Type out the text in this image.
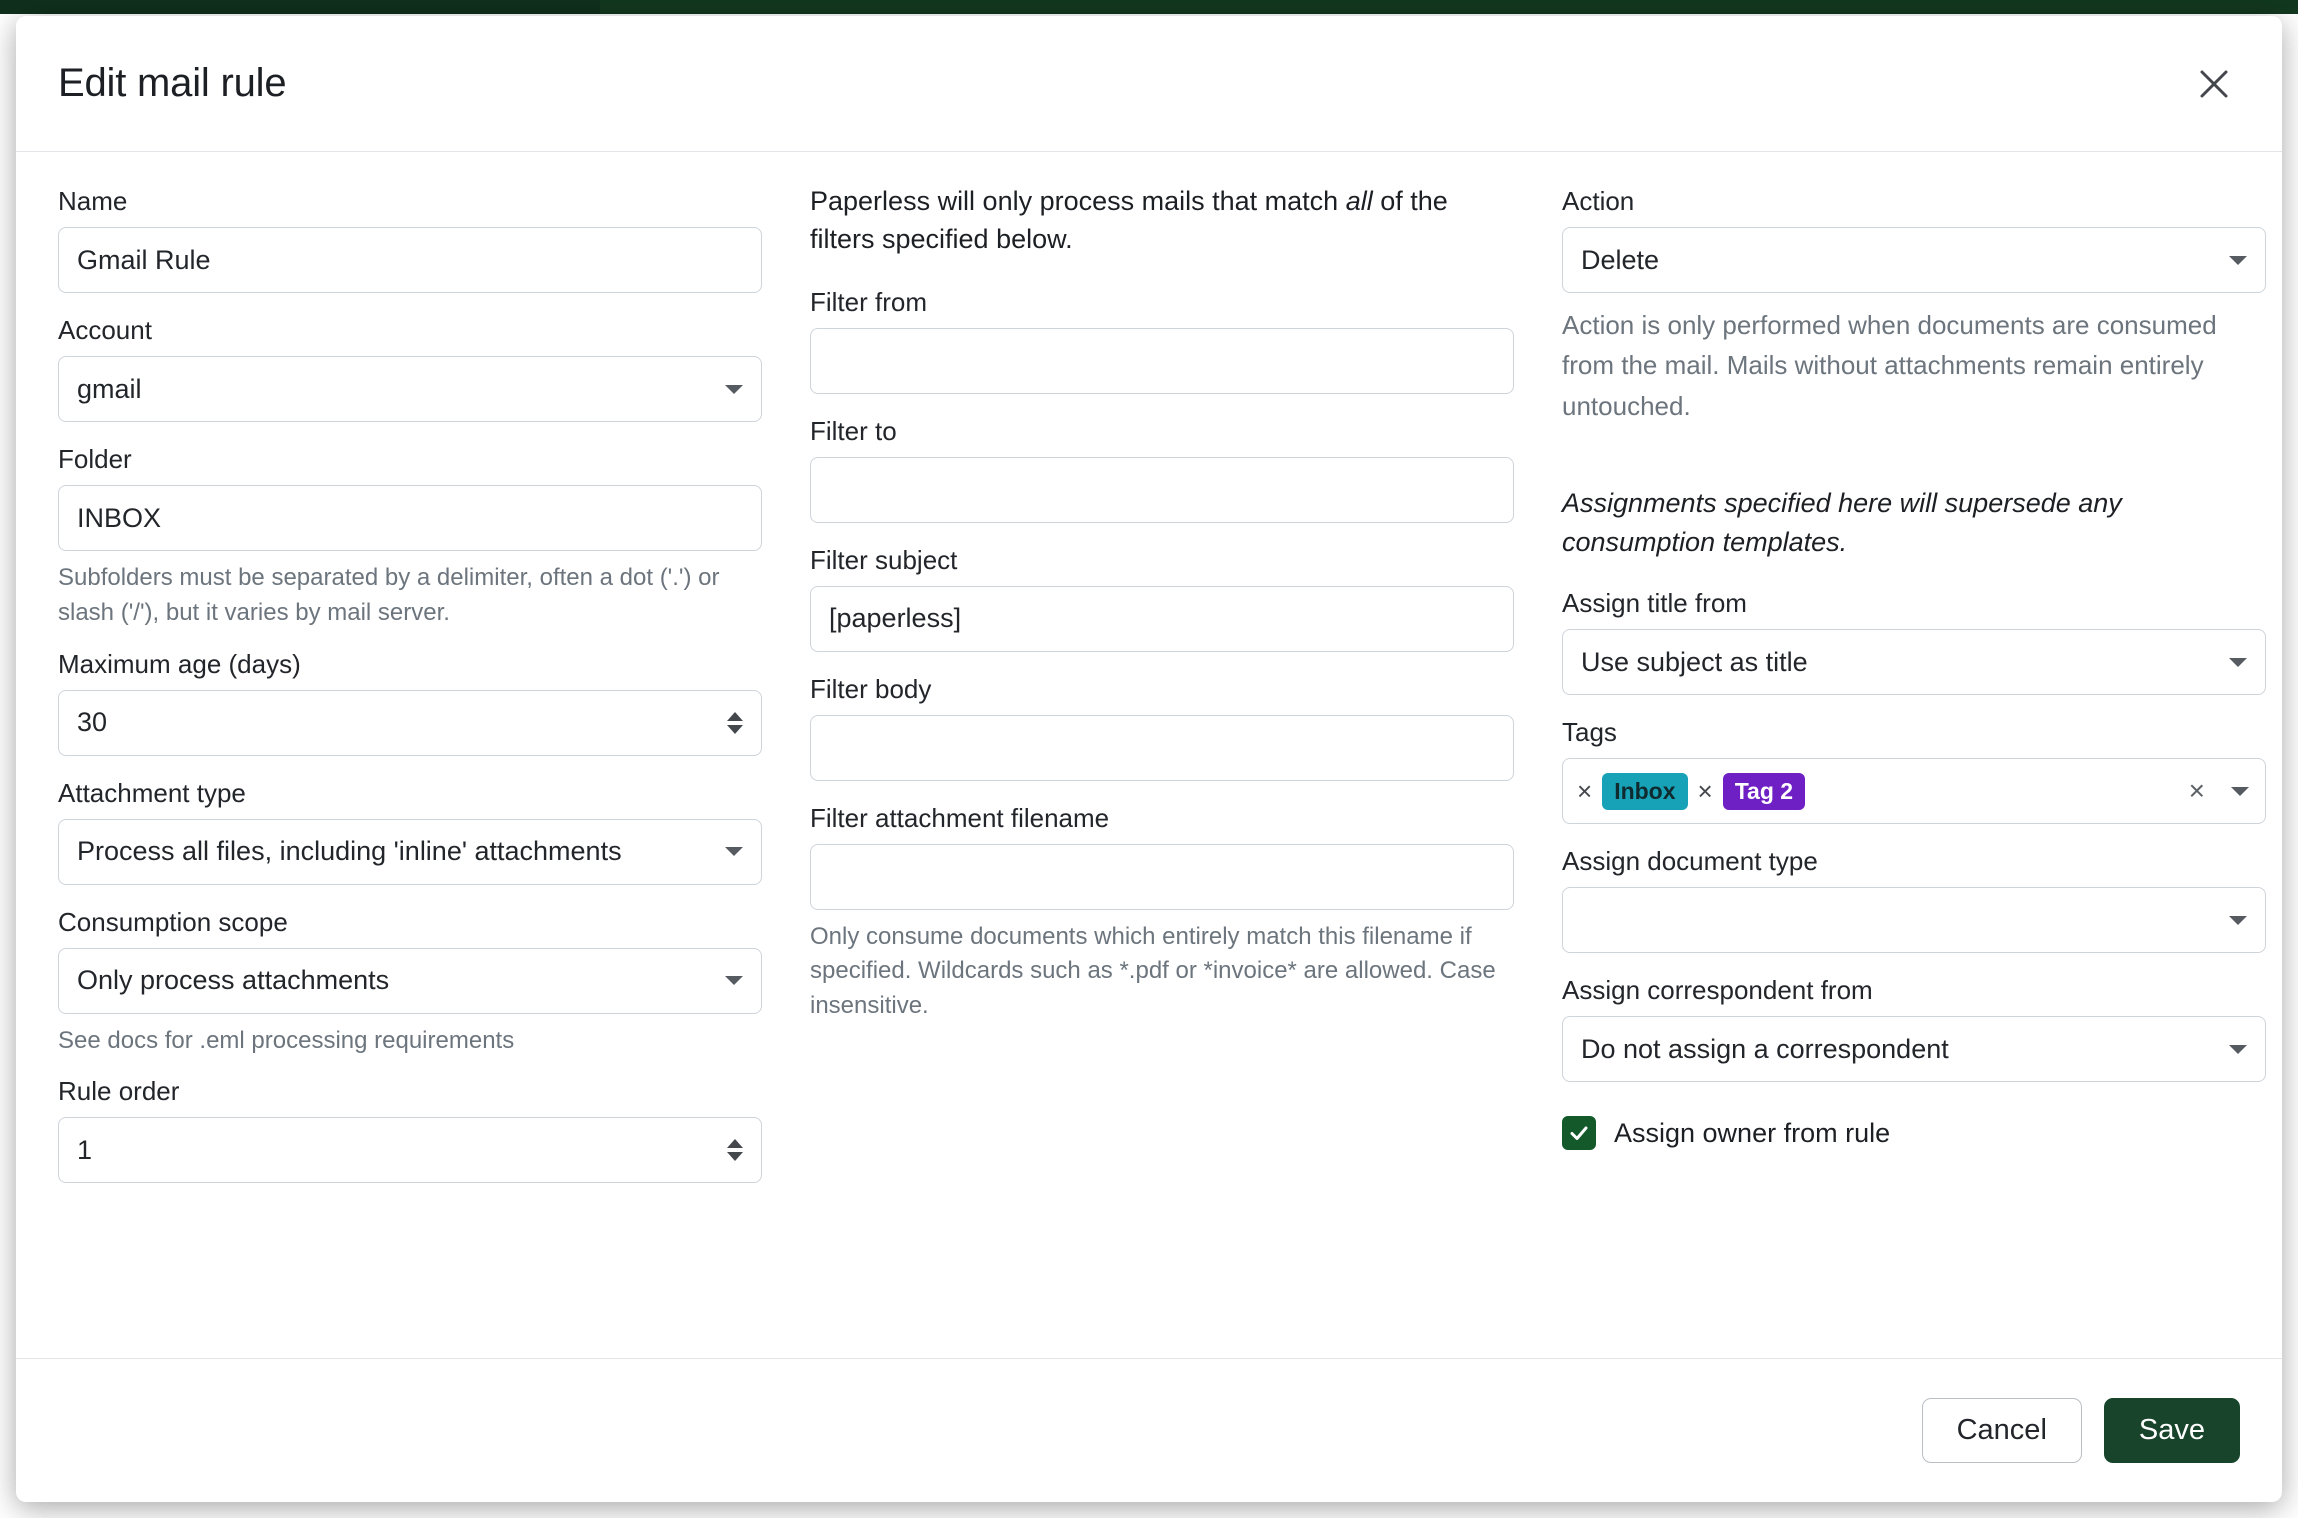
Edit mail rule
Name
Gmail Rule
Account
gmail
Folder
INBOX
Subfolders must be separated by a delimiter, often a dot ('.') or slash ('/'), but it varies by mail server.
Maximum age (days)
30
Attachment type
Process all files, including 'inline' attachments
Consumption scope
Only process attachments
See docs for .eml processing requirements
Rule order
1

Paperless will only process mails that match all of the filters specified below.

Filter from
Filter to
Filter subject
[paperless]
Filter body
Filter attachment filename
Only consume documents which entirely match this filename if specified. Wildcards such as *.pdf or *invoice* are allowed. Case insensitive.
Action
Delete

Action is only performed when documents are consumed from the mail. Mails without attachments remain entirely untouched.

Assignments specified here will supersede any consumption templates.

Assign title from
Use subject as title
Tags
× Inbox × Tag 2	×
Assign document type
Assign correspondent from
Do not assign a correspondent
Assign owner from rule
Cancel	Save
